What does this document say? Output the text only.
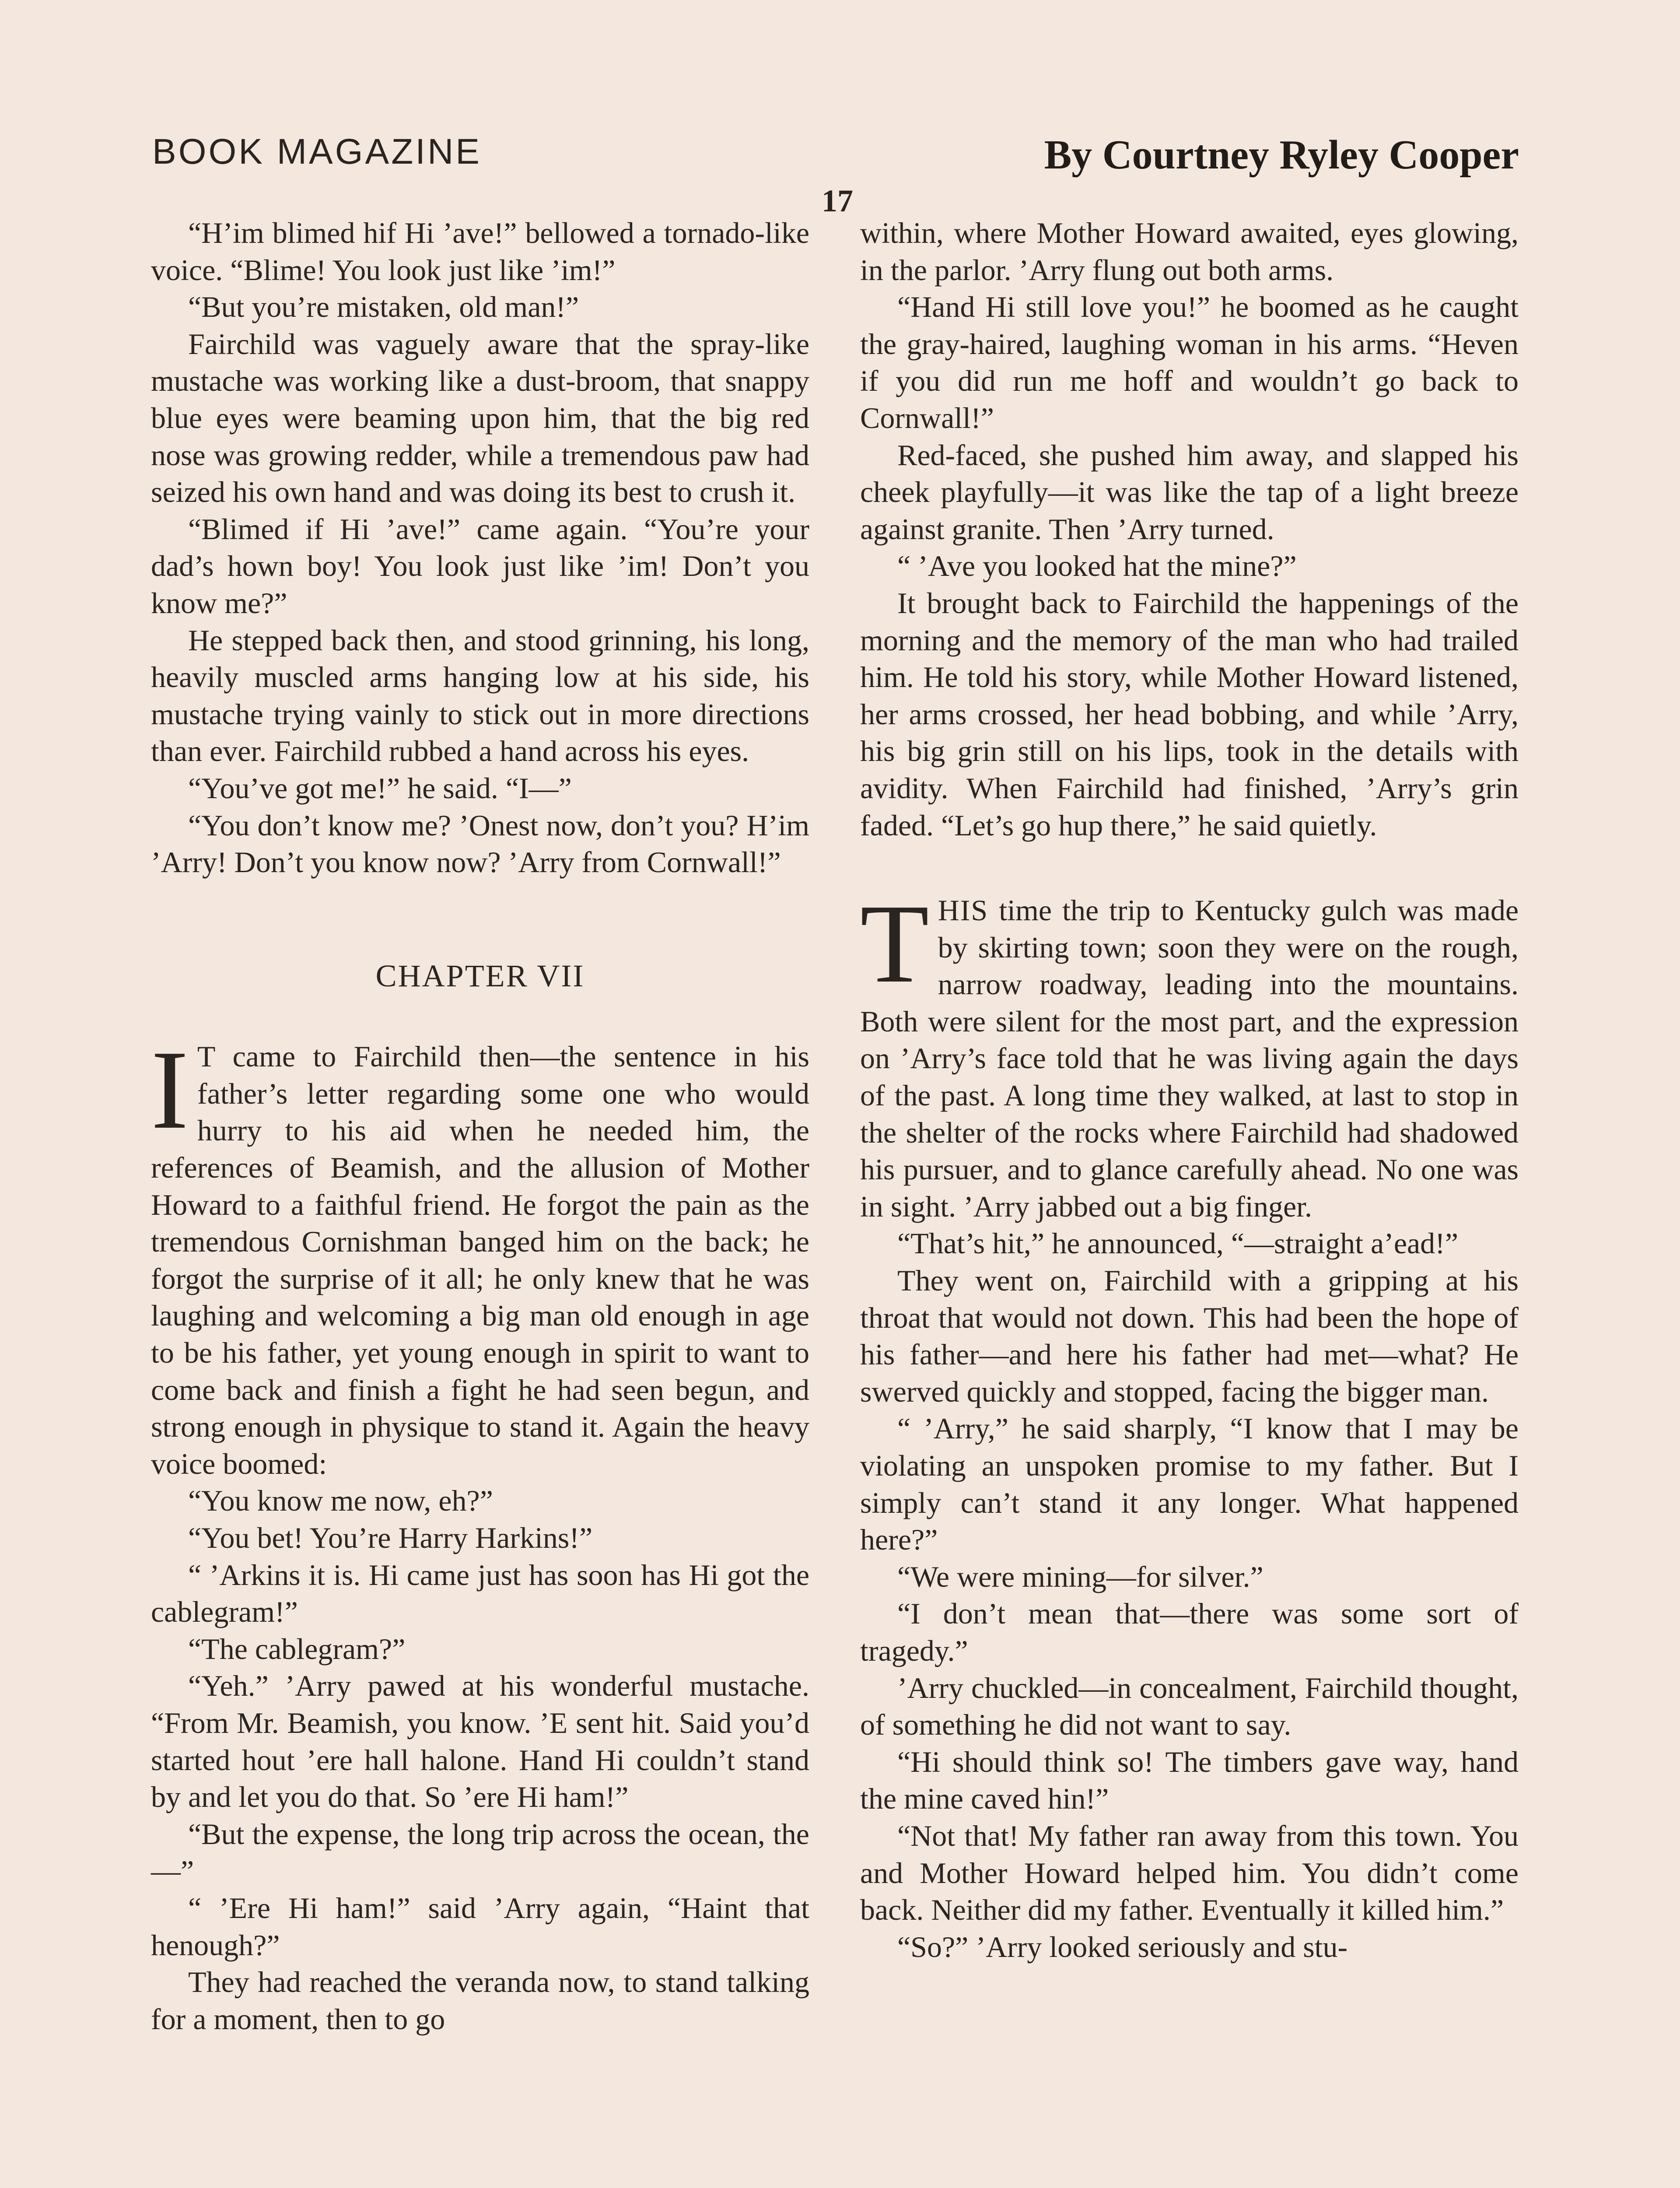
BOOK MAGAZINE	By Courtney Ryley Cooper
17

“H’im blimed hif Hi ’ave!” bellowed a tornado-like voice. “Blime! You look just like ’im!”

“But you’re mistaken, old man!”

Fairchild was vaguely aware that the spray-like mustache was working like a dust-broom, that snappy blue eyes were beaming upon him, that the big red nose was growing redder, while a tremendous paw had seized his own hand and was doing its best to crush it.

“Blimed if Hi ’ave!” came again. “You’re your dad’s hown boy! You look just like ’im! Don’t you know me?”

He stepped back then, and stood grinning, his long, heavily muscled arms hanging low at his side, his mustache trying vainly to stick out in more directions than ever. Fairchild rubbed a hand across his eyes.

“You’ve got me!” he said. “I—”

“You don’t know me? ’Onest now, don’t you? H’im ’Arry! Don’t you know now? ’Arry from Cornwall!”

CHAPTER VII

I T came to Fairchild then—the sentence in his father’s letter regarding some one who would hurry to his aid when he needed him, the references of Beamish, and the allusion of Mother Howard to a faithful friend. He forgot the pain as the tremendous Cornishman banged him on the back; he forgot the surprise of it all; he only knew that he was laughing and welcoming a big man old enough in age to be his father, yet young enough in spirit to want to come back and finish a fight he had seen begun, and strong enough in physique to stand it. Again the heavy voice boomed:

“You know me now, eh?”

“You bet! You’re Harry Harkins!”

“ ’Arkins it is. Hi came just has soon has Hi got the cablegram!”

“The cablegram?”

“Yeh.” ’Arry pawed at his wonderful mustache. “From Mr. Beamish, you know. ’E sent hit. Said you’d started hout ’ere hall halone. Hand Hi couldn’t stand by and let you do that. So ’ere Hi ham!”

“But the expense, the long trip across the ocean, the—”

“ ’Ere Hi ham!” said ’Arry again, “Haint that henough?”

They had reached the veranda now, to stand talking for a moment, then to go

within, where Mother Howard awaited, eyes glowing, in the parlor. ’Arry flung out both arms.

“Hand Hi still love you!” he boomed as he caught the gray-haired, laughing woman in his arms. “Heven if you did run me hoff and wouldn’t go back to Cornwall!”

Red-faced, she pushed him away, and slapped his cheek playfully—it was like the tap of a light breeze against granite. Then ’Arry turned.

“ ’Ave you looked hat the mine?”

It brought back to Fairchild the happenings of the morning and the memory of the man who had trailed him. He told his story, while Mother Howard listened, her arms crossed, her head bobbing, and while ’Arry, his big grin still on his lips, took in the details with avidity. When Fairchild had finished, ’Arry’s grin faded. “Let’s go hup there,” he said quietly.

THIS time the trip to Kentucky gulch was made by skirting town; soon they were on the rough, narrow roadway, leading into the mountains. Both were silent for the most part, and the expression on ’Arry’s face told that he was living again the days of the past. A long time they walked, at last to stop in the shelter of the rocks where Fairchild had shadowed his pursuer, and to glance carefully ahead. No one was in sight. ’Arry jabbed out a big finger.

“That’s hit,” he announced, “—straight a’ead!”

They went on, Fairchild with a gripping at his throat that would not down. This had been the hope of his father—and here his father had met—what? He swerved quickly and stopped, facing the bigger man.

“ ’Arry,” he said sharply, “I know that I may be violating an unspoken promise to my father. But I simply can’t stand it any longer. What happened here?”

“We were mining—for silver.”

“I don’t mean that—there was some sort of tragedy.”

’Arry chuckled—in concealment, Fairchild thought, of something he did not want to say.

“Hi should think so! The timbers gave way, hand the mine caved hin!”

“Not that! My father ran away from this town. You and Mother Howard helped him. You didn’t come back. Neither did my father. Eventually it killed him.”

“So?” ’Arry looked seriously and stu-
